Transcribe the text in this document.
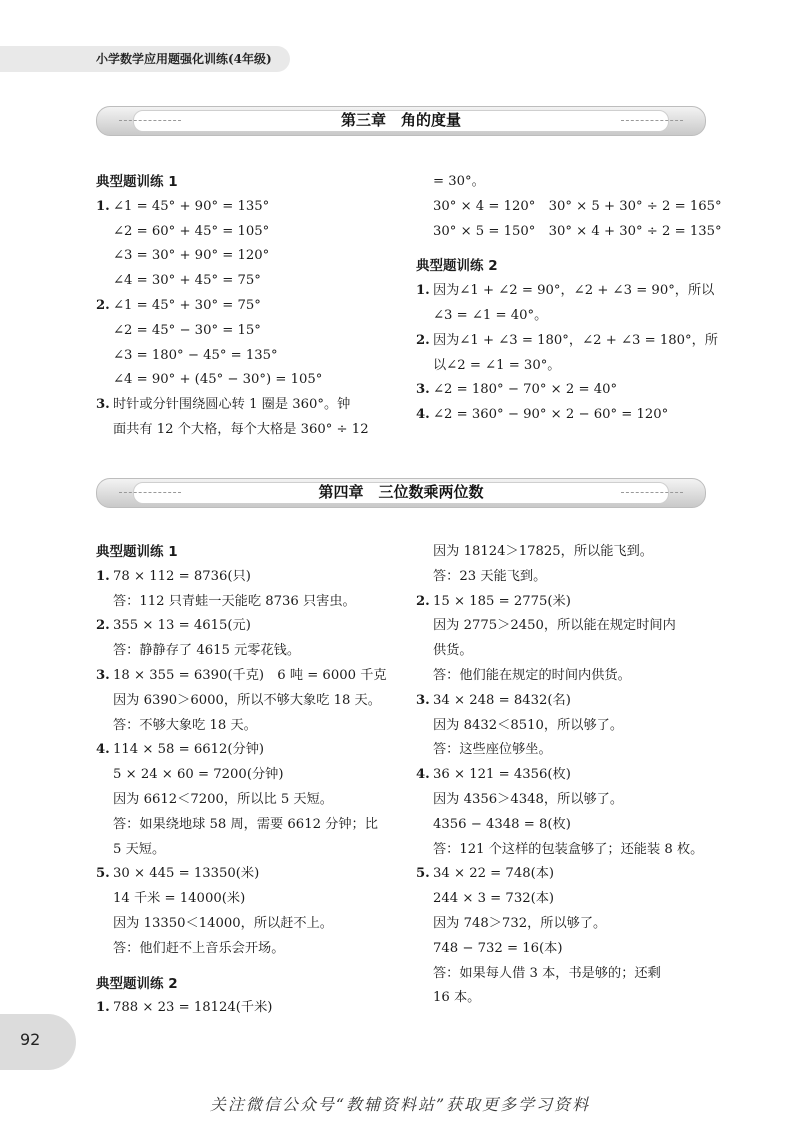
小学数学应用题强化训练(4年级)
第三章　角的度量

典型题训练 1

1. ∠1 = 45° + 90° = 135°

∠2 = 60° + 45° = 105°

∠3 = 30° + 90° = 120°

∠4 = 30° + 45° = 75°

2. ∠1 = 45° + 30° = 75°

∠2 = 45° − 30° = 15°

∠3 = 180° − 45° = 135°

∠4 = 90° + (45° − 30°) = 105°

3. 时针或分针围绕圆心转 1 圈是 360°。钟

面共有 12 个大格，每个大格是 360° ÷ 12

= 30°。

30° × 4 = 120°　30° × 5 + 30° ÷ 2 = 165°

30° × 5 = 150°　30° × 4 + 30° ÷ 2 = 135°

典型题训练 2

1. 因为∠1 + ∠2 = 90°，∠2 + ∠3 = 90°，所以

∠3 = ∠1 = 40°。

2. 因为∠1 + ∠3 = 180°，∠2 + ∠3 = 180°，所

以∠2 = ∠1 = 30°。

3. ∠2 = 180° − 70° × 2 = 40°

4. ∠2 = 360° − 90° × 2 − 60° = 120°

第四章　三位数乘两位数

典型题训练 1

1. 78 × 112 = 8736(只)

答：112 只青蛙一天能吃 8736 只害虫。

2. 355 × 13 = 4615(元)

答：静静存了 4615 元零花钱。

3. 18 × 355 = 6390(千克)　6 吨 = 6000 千克

因为 6390＞6000，所以不够大象吃 18 天。

答：不够大象吃 18 天。

4. 114 × 58 = 6612(分钟)

5 × 24 × 60 = 7200(分钟)

因为 6612＜7200，所以比 5 天短。

答：如果绕地球 58 周，需要 6612 分钟；比

5 天短。

5. 30 × 445 = 13350(米)

14 千米 = 14000(米)

因为 13350＜14000，所以赶不上。

答：他们赶不上音乐会开场。

典型题训练 2

1. 788 × 23 = 18124(千米)

因为 18124＞17825，所以能飞到。

答：23 天能飞到。

2. 15 × 185 = 2775(米)

因为 2775＞2450，所以能在规定时间内

供货。

答：他们能在规定的时间内供货。

3. 34 × 248 = 8432(名)

因为 8432＜8510，所以够了。

答：这些座位够坐。

4. 36 × 121 = 4356(枚)

因为 4356＞4348，所以够了。

4356 − 4348 = 8(枚)

答：121 个这样的包装盒够了；还能装 8 枚。

5. 34 × 22 = 748(本)

244 × 3 = 732(本)

因为 748＞732，所以够了。

748 − 732 = 16(本)

答：如果每人借 3 本，书是够的；还剩

16 本。

92
关注微信公众号“教辅资料站”获取更多学习资料
